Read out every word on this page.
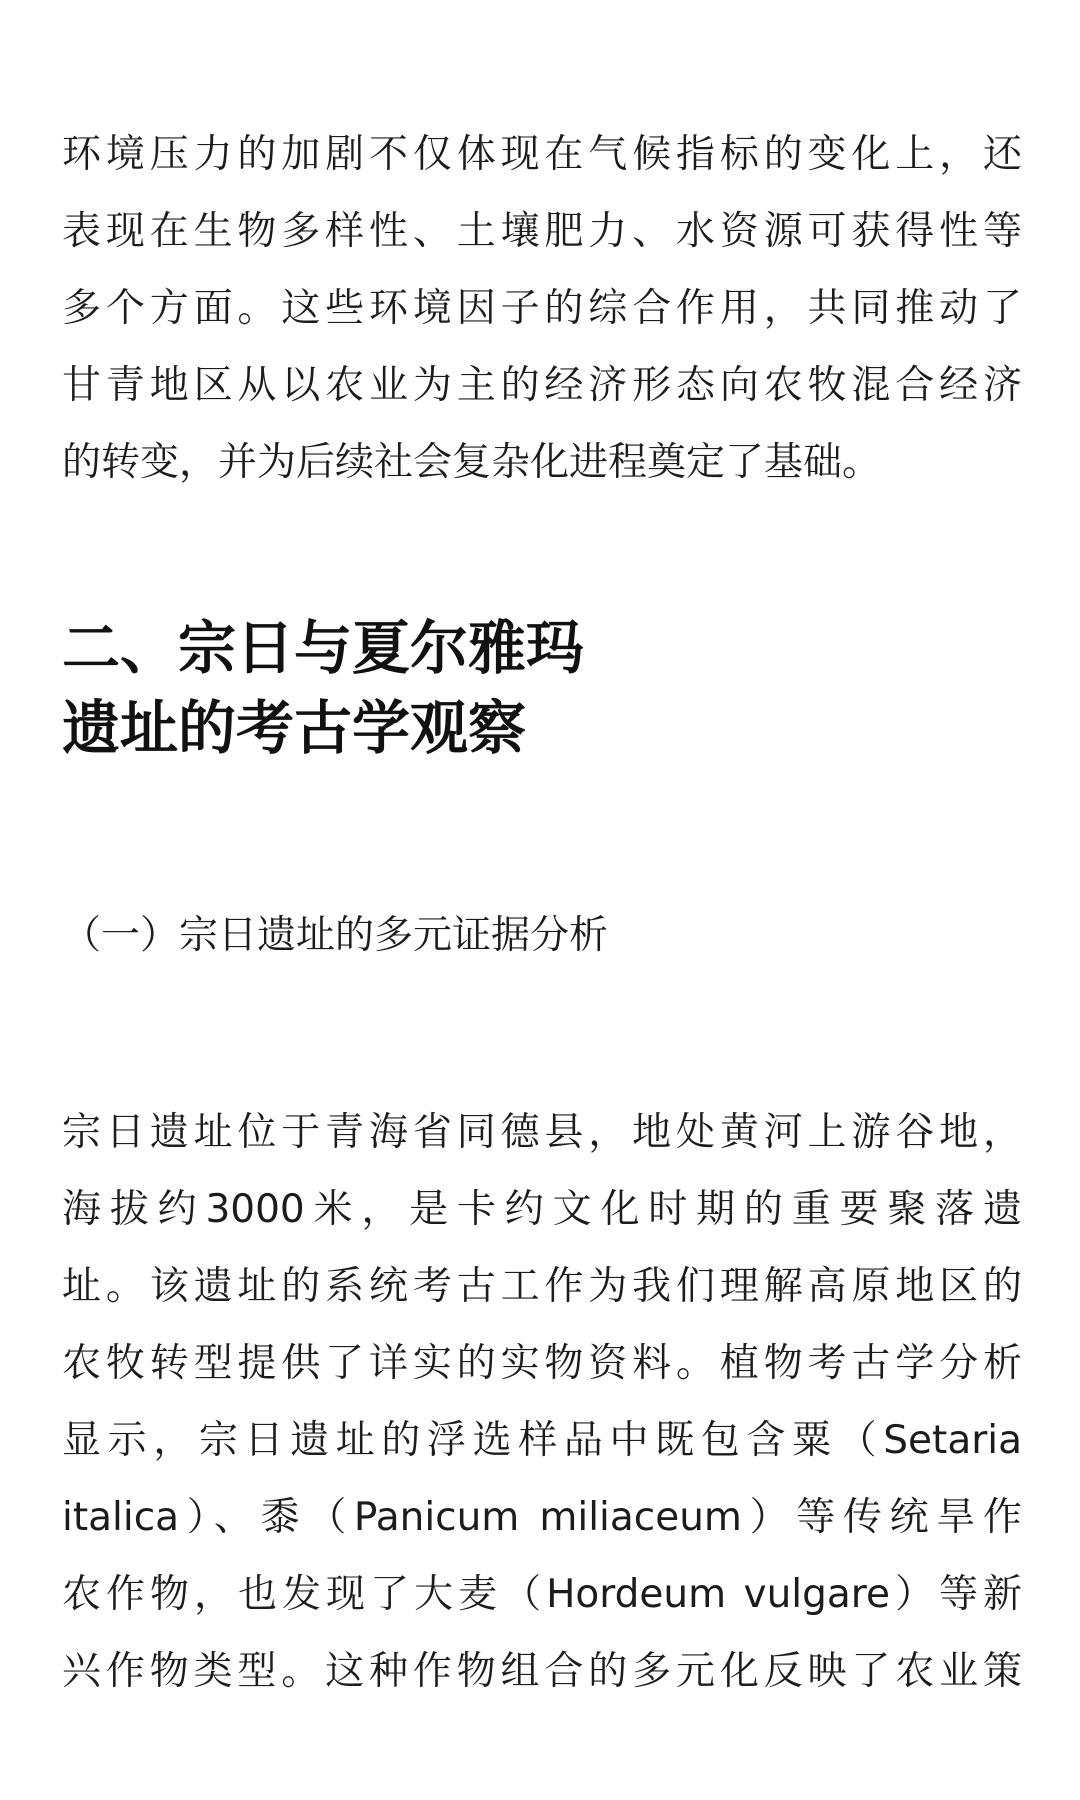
环境压力的加剧不仅体现在气候指标的变化上，还
表现在生物多样性、土壤肥力、水资源可获得性等
多个方面。这些环境因子的综合作用，共同推动了
甘青地区从以农业为主的经济形态向农牧混合经济
的转变，并为后续社会复杂化进程奠定了基础。
二、宗日与夏尔雅玛
遗址的考古学观察
（一）宗日遗址的多元证据分析
宗日遗址位于青海省同德县，地处黄河上游谷地，
海拔约3000米，是卡约文化时期的重要聚落遗
址。该遗址的系统考古工作为我们理解高原地区的
农牧转型提供了详实的实物资料。植物考古学分析
显示，宗日遗址的浮选样品中既包含粟（Setaria
italica）、黍（Panicum miliaceum）等传统旱作
农作物，也发现了大麦（Hordeum vulgare）等新
兴作物类型。这种作物组合的多元化反映了农业策
